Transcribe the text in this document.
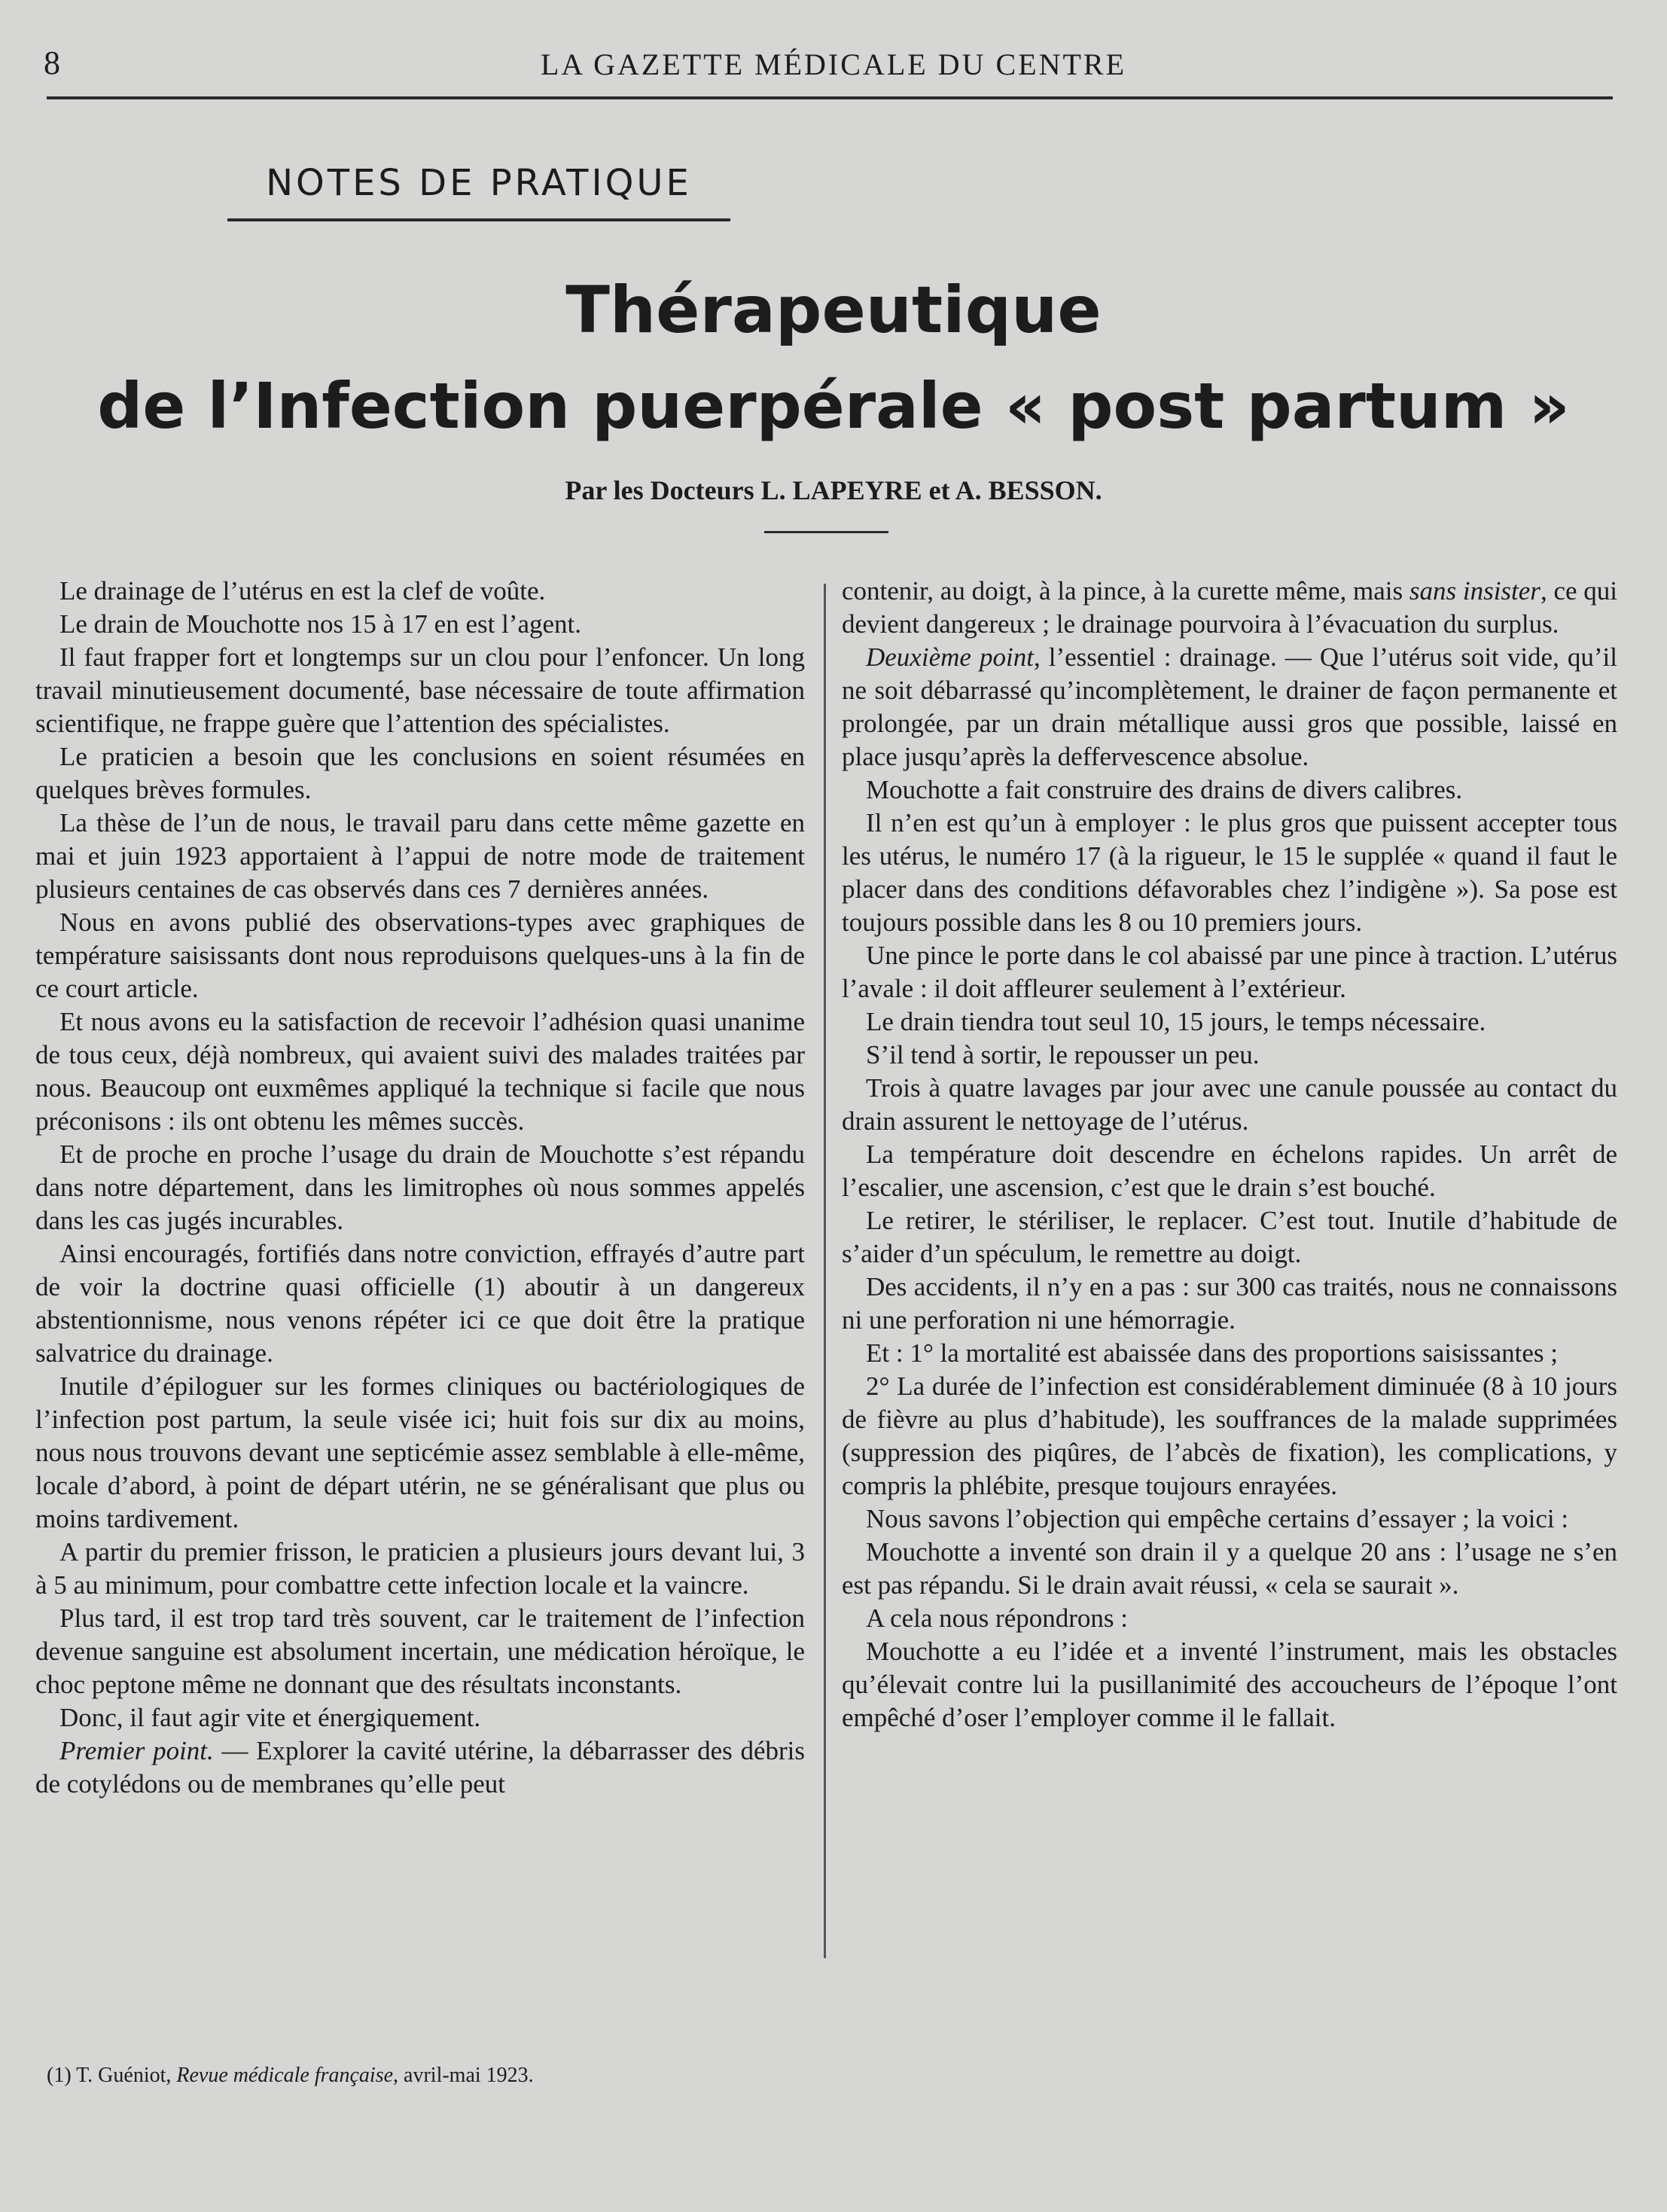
8	LA GAZETTE MÉDICALE DU CENTRE
NOTES DE PRATIQUE
Thérapeutique
de l’Infection puerpérale « post partum »
Par les Docteurs L. LAPEYRE et A. BESSON.

Le drainage de l’utérus en est la clef de voûte.

Le drain de Mouchotte nos 15 à 17 en est l’agent.

Il faut frapper fort et longtemps sur un clou pour l’enfoncer. Un long travail minutieusement documenté, base nécessaire de toute affirmation scientifique, ne frappe guère que l’attention des spécialistes.

Le praticien a besoin que les conclusions en soient résumées en quelques brèves formules.

La thèse de l’un de nous, le travail paru dans cette même gazette en mai et juin 1923 apportaient à l’appui de notre mode de traitement plusieurs centaines de cas observés dans ces 7 dernières années.

Nous en avons publié des observations-types avec graphiques de température saisissants dont nous reproduisons quelques-uns à la fin de ce court article.

Et nous avons eu la satisfaction de recevoir l’adhésion quasi unanime de tous ceux, déjà nombreux, qui avaient suivi des malades traitées par nous. Beaucoup ont euxmêmes appliqué la technique si facile que nous préconisons : ils ont obtenu les mêmes succès.

Et de proche en proche l’usage du drain de Mouchotte s’est répandu dans notre département, dans les limitrophes où nous sommes appelés dans les cas jugés incurables.

Ainsi encouragés, fortifiés dans notre conviction, effrayés d’autre part de voir la doctrine quasi officielle (1) aboutir à un dangereux abstentionnisme, nous venons répéter ici ce que doit être la pratique salvatrice du drainage.

Inutile d’épiloguer sur les formes cliniques ou bactériologiques de l’infection post partum, la seule visée ici; huit fois sur dix au moins, nous nous trouvons devant une septicémie assez semblable à elle-même, locale d’abord, à point de départ utérin, ne se généralisant que plus ou moins tardivement.

A partir du premier frisson, le praticien a plusieurs jours devant lui, 3 à 5 au minimum, pour combattre cette infection locale et la vaincre.

Plus tard, il est trop tard très souvent, car le traitement de l’infection devenue sanguine est absolument incertain, une médication héroïque, le choc peptone même ne donnant que des résultats inconstants.

Donc, il faut agir vite et énergiquement.

Premier point. — Explorer la cavité utérine, la débarrasser des débris de cotylédons ou de membranes qu’elle peut

contenir, au doigt, à la pince, à la curette même, mais sans insister, ce qui devient dangereux ; le drainage pourvoira à l’évacuation du surplus.

Deuxième point, l’essentiel : drainage. — Que l’utérus soit vide, qu’il ne soit débarrassé qu’incomplètement, le drainer de façon permanente et prolongée, par un drain métallique aussi gros que possible, laissé en place jusqu’après la deffervescence absolue.

Mouchotte a fait construire des drains de divers calibres.

Il n’en est qu’un à employer : le plus gros que puissent accepter tous les utérus, le numéro 17 (à la rigueur, le 15 le supplée « quand il faut le placer dans des conditions défavorables chez l’indigène »). Sa pose est toujours possible dans les 8 ou 10 premiers jours.

Une pince le porte dans le col abaissé par une pince à traction. L’utérus l’avale : il doit affleurer seulement à l’extérieur.

Le drain tiendra tout seul 10, 15 jours, le temps nécessaire.

S’il tend à sortir, le repousser un peu.

Trois à quatre lavages par jour avec une canule poussée au contact du drain assurent le nettoyage de l’utérus.

La température doit descendre en échelons rapides. Un arrêt de l’escalier, une ascension, c’est que le drain s’est bouché.

Le retirer, le stériliser, le replacer. C’est tout. Inutile d’habitude de s’aider d’un spéculum, le remettre au doigt.

Des accidents, il n’y en a pas : sur 300 cas traités, nous ne connaissons ni une perforation ni une hémorragie.

Et : 1° la mortalité est abaissée dans des proportions saisissantes ;

2° La durée de l’infection est considérablement diminuée (8 à 10 jours de fièvre au plus d’habitude), les souffrances de la malade supprimées (suppression des piqûres, de l’abcès de fixation), les complications, y compris la phlébite, presque toujours enrayées.

Nous savons l’objection qui empêche certains d’essayer ; la voici :

Mouchotte a inventé son drain il y a quelque 20 ans : l’usage ne s’en est pas répandu. Si le drain avait réussi, « cela se saurait ».

A cela nous répondrons :

Mouchotte a eu l’idée et a inventé l’instrument, mais les obstacles qu’élevait contre lui la pusillanimité des accoucheurs de l’époque l’ont empêché d’oser l’employer comme il le fallait.

(1) T. Guéniot, Revue médicale française, avril-mai 1923.
